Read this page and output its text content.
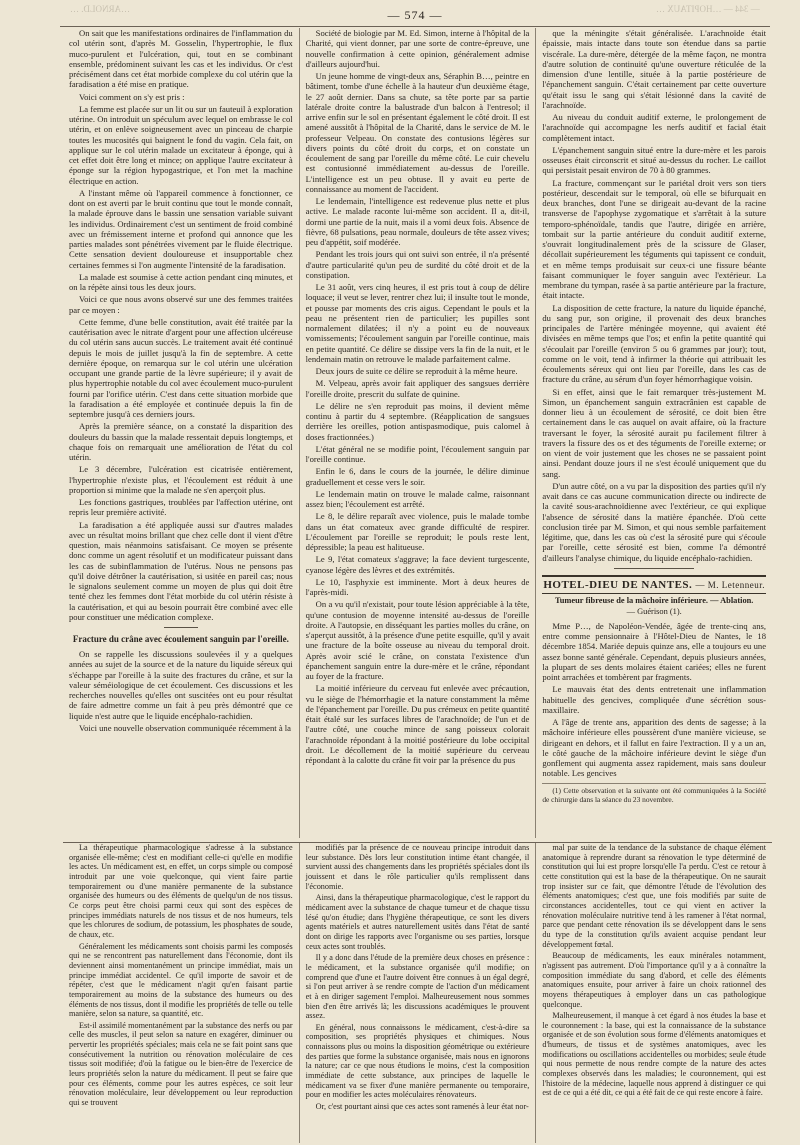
…ARNOLD. …	— 344 — …HOPITAUX …
— 574 —

On sait que les manifestations ordinaires de l'inflammation du col utérin sont, d'après M. Gosselin, l'hypertrophie, le flux muco-purulent et l'ulcération, qui, tout en se combinant ensemble, prédominent suivant les cas et les individus. Or c'est précisément dans cet état morbide complexe du col utérin que la faradisation a été mise en pratique.

Voici comment on s'y est pris :

La femme est placée sur un lit ou sur un fauteuil à exploration utérine. On introduit un spéculum avec lequel on embrasse le col utérin, et on enlève soigneusement avec un pinceau de charpie toutes les mucosités qui baignent le fond du vagin. Cela fait, on applique sur le col utérin malade un excitateur à éponge, qui à cet effet doit être long et mince; on applique l'autre excitateur à éponge sur la région hypogastrique, et l'on met la machine électrique en action.

A l'instant même où l'appareil commence à fonctionner, ce dont on est averti par le bruit continu que tout le monde connaît, la malade éprouve dans le bassin une sensation variable suivant les individus. Ordinairement c'est un sentiment de froid combiné avec un frémissement interne et profond qui annonce que les parties malades sont pénétrées vivement par le fluide électrique. Cette sensation devient douloureuse et insupportable chez certaines femmes si l'on augmente l'intensité de la faradisation.

La malade est soumise à cette action pendant cinq minutes, et on la répète ainsi tous les deux jours.

Voici ce que nous avons observé sur une des femmes traitées par ce moyen :

Cette femme, d'une belle constitution, avait été traitée par la cautérisation avec le nitrate d'argent pour une affection ulcéreuse du col utérin sans aucun succès. Le traitement avait été continué depuis le mois de juillet jusqu'à la fin de septembre. A cette dernière époque, on remarqua sur le col utérin une ulcération occupant une grande partie de la lèvre supérieure; il y avait de plus hypertrophie notable du col avec écoulement muco-purulent fourni par l'orifice utérin. C'est dans cette situation morbide que la faradisation a été employée et continuée depuis la fin de septembre jusqu'à ces derniers jours.

Après la première séance, on a constaté la disparition des douleurs du bassin que la malade ressentait depuis longtemps, et chaque fois on remarquait une amélioration de l'état du col utérin.

Le 3 décembre, l'ulcération est cicatrisée entièrement, l'hypertrophie n'existe plus, et l'écoulement est réduit à une proportion si minime que la malade ne s'en aperçoit plus.

Les fonctions gastriques, troublées par l'affection utérine, ont repris leur première activité.

La faradisation a été appliquée aussi sur d'autres malades avec un résultat moins brillant que chez celle dont il vient d'être question, mais néanmoins satisfaisant. Ce moyen se présente donc comme un agent résolutif et un modificateur puissant dans les cas de subinflammation de l'utérus. Nous ne pensons pas qu'il doive détrôner la cautérisation, si usitée en pareil cas; nous le signalons seulement comme un moyen de plus qui doit être tenté chez les femmes dont l'état morbide du col utérin résiste à la cautérisation, et qui au besoin pourrait être combiné avec elle pour constituer une médication complexe.

Fracture du crâne avec écoulement sanguin par l'oreille.

On se rappelle les discussions soulevées il y a quelques années au sujet de la source et de la nature du liquide séreux qui s'échappe par l'oreille à la suite des fractures du crâne, et sur la valeur séméiologique de cet écoulement. Ces discussions et les recherches nouvelles qu'elles ont suscitées ont eu pour résultat de faire admettre comme un fait à peu près démontré que ce liquide n'est autre que le liquide encéphalo-rachidien.

Voici une nouvelle observation communiquée récemment à la

Société de biologie par M. Ed. Simon, interne à l'hôpital de la Charité, qui vient donner, par une sorte de contre-épreuve, une nouvelle confirmation à cette opinion, généralement admise d'ailleurs aujourd'hui.

Un jeune homme de vingt-deux ans, Séraphin B…, peintre en bâtiment, tombe d'une échelle à la hauteur d'un deuxième étage, le 27 août dernier. Dans sa chute, sa tête porte par sa partie latérale droite contre la balustrade d'un balcon à l'entresol; il arrive enfin sur le sol en présentant également le côté droit. Il est amené aussitôt à l'hôpital de la Charité, dans le service de M. le professeur Velpeau. On constate des contusions légères sur divers points du côté droit du corps, et on constate un écoulement de sang par l'oreille du même côté. Le cuir chevelu est contusionné immédiatement au-dessus de l'oreille. L'intelligence est un peu obtuse. Il y avait eu perte de connaissance au moment de l'accident.

Le lendemain, l'intelligence est redevenue plus nette et plus active. Le malade raconte lui-même son accident. Il a, dit-il, dormi une partie de la nuit, mais il a vomi deux fois. Absence de fièvre, 68 pulsations, peau normale, douleurs de tête assez vives; peu d'appétit, soif modérée.

Pendant les trois jours qui ont suivi son entrée, il n'a présenté d'autre particularité qu'un peu de surdité du côté droit et de la constipation.

Le 31 août, vers cinq heures, il est pris tout à coup de délire loquace; il veut se lever, rentrer chez lui; il insulte tout le monde, et pousse par moments des cris aigus. Cependant le pouls et la peau ne présentent rien de particulier; les pupilles sont normalement dilatées; il n'y a point eu de nouveaux vomissements; l'écoulement sanguin par l'oreille continue, mais en petite quantité. Ce délire se dissipe vers la fin de la nuit, et le lendemain matin on retrouve le malade parfaitement calme.

Deux jours de suite ce délire se reproduit à la même heure.

M. Velpeau, après avoir fait appliquer des sangsues derrière l'oreille droite, prescrit du sulfate de quinine.

Le délire ne s'en reproduit pas moins, il devient même continu à partir du 4 septembre. (Réapplication de sangsues derrière les oreilles, potion antispasmodique, puis calomel à doses fractionnées.)

L'état général ne se modifie point, l'écoulement sanguin par l'oreille continue.

Enfin le 6, dans le cours de la journée, le délire diminue graduellement et cesse vers le soir.

Le lendemain matin on trouve le malade calme, raisonnant assez bien; l'écoulement est arrêté.

Le 8, le délire reparaît avec violence, puis le malade tombe dans un état comateux avec grande difficulté de respirer. L'écoulement par l'oreille se reproduit; le pouls reste lent, dépressible; la peau est halitueuse.

Le 9, l'état comateux s'aggrave; la face devient turgescente, cyanose légère des lèvres et des extrémités.

Le 10, l'asphyxie est imminente. Mort à deux heures de l'après-midi.

On a vu qu'il n'existait, pour toute lésion appréciable à la tête, qu'une contusion de moyenne intensité au-dessus de l'oreille droite. A l'autopsie, en disséquant les parties molles du crâne, on s'aperçut aussitôt, à la présence d'une petite esquille, qu'il y avait une fracture de la boîte osseuse au niveau du temporal droit. Après avoir scié le crâne, on constata l'existence d'un épanchement sanguin entre la dure-mère et le crâne, répondant au foyer de la fracture.

La moitié inférieure du cerveau fut enlevée avec précaution, vu le siège de l'hémorrhagie et la nature constamment la même de l'épanchement par l'oreille. Du pus crémeux en petite quantité était étalé sur les surfaces libres de l'arachnoïde; de l'un et de l'autre côté, une couche mince de sang poisseux colorait l'arachnoïde répondant à la moitié postérieure du lobe occipital droit. Le décollement de la moitié supérieure du cerveau répondant à la calotte du crâne fit voir par la présence du pus

que la méningite s'était généralisée. L'arachnoïde était épaissie, mais intacte dans toute son étendue dans sa partie viscérale. La dure-mère, détergée de la même façon, ne montra d'autre solution de continuité qu'une ouverture réticulée de la dimension d'une lentille, située à la partie postérieure de l'épanchement sanguin. C'était certainement par cette ouverture qu'était issu le sang qui s'était lésionné dans la cavité de l'arachnoïde.

Au niveau du conduit auditif externe, le prolongement de l'arachnoïde qui accompagne les nerfs auditif et facial était complètement intact.

L'épanchement sanguin situé entre la dure-mère et les parois osseuses était circonscrit et situé au-dessus du rocher. Le caillot qui persistait pesait environ de 70 à 80 grammes.

La fracture, commençant sur le pariétal droit vers son tiers postérieur, descendait sur le temporal, où elle se bifurquait en deux branches, dont l'une se dirigeait au-devant de la racine transverse de l'apophyse zygomatique et s'arrêtait à la suture temporo-sphénoïdale, tandis que l'autre, dirigée en arrière, tombait sur la partie antérieure du conduit auditif externe, s'ouvrait longitudinalement près de la scissure de Glaser, décollait supérieurement les téguments qui tapissent ce conduit, et en même temps produisait sur ceux-ci une fissure béante faisant communiquer le foyer sanguin avec l'extérieur. La membrane du tympan, rasée à sa partie antérieure par la fracture, était intacte.

La disposition de cette fracture, la nature du liquide épanché, du sang pur, son origine, il provenait des deux branches principales de l'artère méningée moyenne, qui avaient été divisées en même temps que l'os; et enfin la petite quantité qui s'écoulait par l'oreille (environ 5 ou 6 grammes par jour); tout, comme on le voit, tend à infirmer la théorie qui attribuait les écoulements séreux qui ont lieu par l'oreille, dans les cas de fracture du crâne, au sérum d'un foyer hémorrhagique voisin.

Si en effet, ainsi que le fait remarquer très-justement M. Simon, un épanchement sanguin extracrânien est capable de donner lieu à un écoulement de sérosité, ce doit bien être certainement dans le cas auquel on avait affaire, où la fracture traversant le foyer, la sérosité aurait pu facilement filtrer à travers la fissure des os et des téguments de l'oreille externe; or on vient de voir justement que les choses ne se passaient point ainsi. Pendant douze jours il ne s'est écoulé uniquement que du sang.

D'un autre côté, on a vu par la disposition des parties qu'il n'y avait dans ce cas aucune communication directe ou indirecte de la cavité sous-arachnoïdienne avec l'extérieur, ce qui explique l'absence de sérosité dans la matière épanchée. D'où cette conclusion tirée par M. Simon, et qui nous semble parfaitement légitime, que, dans les cas où c'est la sérosité pure qui s'écoule par l'oreille, cette sérosité est bien, comme l'a démontré d'ailleurs l'analyse chimique, du liquide encéphalo-rachidien.

HOTEL-DIEU DE NANTES. — M. Letenneur.
Tumeur fibreuse de la mâchoire inférieure. — Ablation.
— Guérison (1).

Mme P…, de Napoléon-Vendée, âgée de trente-cinq ans, entre comme pensionnaire à l'Hôtel-Dieu de Nantes, le 18 décembre 1854. Mariée depuis quinze ans, elle a toujours eu une assez bonne santé générale. Cependant, depuis plusieurs années, la plupart de ses dents molaires étaient cariées; elles ne furent point arrachées et tombèrent par fragments.

Le mauvais état des dents entretenait une inflammation habituelle des gencives, compliquée d'une sécrétion sous-maxillaire.

A l'âge de trente ans, apparition des dents de sagesse; à la mâchoire inférieure elles poussèrent d'une manière vicieuse, se dirigeant en dehors, et il fallut en faire l'extraction. Il y a un an, le côté gauche de la mâchoire inférieure devint le siège d'un gonflement qui augmenta assez rapidement, mais sans douleur notable. Les gencives

(1) Cette observation et la suivante ont été communiquées à la Société de chirurgie dans la séance du 23 novembre.

La thérapeutique pharmacologique s'adresse à la substance organisée elle-même; c'est en modifiant celle-ci qu'elle en modifie les actes. Un médicament est, en effet, un corps simple ou composé introduit par une voie quelconque, qui vient faire partie temporairement ou d'une manière permanente de la substance organisée des humeurs ou des éléments de quelqu'un de nos tissus. Ce corps peut être choisi parmi ceux qui sont des espèces de principes immédiats naturels de nos tissus et de nos humeurs, tels que les chlorures de sodium, de potassium, les phosphates de soude, de chaux, etc.

Généralement les médicaments sont choisis parmi les composés qui ne se rencontrent pas naturellement dans l'économie, dont ils deviennent ainsi momentanément un principe immédiat, mais un principe immédiat accidentel. Ce qu'il importe de savoir et de répéter, c'est que le médicament n'agit qu'en faisant partie temporairement au moins de la substance des humeurs ou des éléments de nos tissus, dont il modifie les propriétés de telle ou telle manière, selon sa nature, sa quantité, etc.

Est-il assimilé momentanément par la substance des nerfs ou par celle des muscles, il peut selon sa nature en exagérer, diminuer ou pervertir les propriétés spéciales; mais cela ne se fait point sans que consécutivement la nutrition ou rénovation moléculaire de ces tissus soit modifiée; d'où la fatigue ou le bien-être de l'exercice de leurs propriétés selon la nature du médicament. Il peut se faire que pour ces éléments, comme pour les autres espèces, ce soit leur rénovation moléculaire, leur développement ou leur reproduction qui se trouvent

modifiés par la présence de ce nouveau principe introduit dans leur substance. Dès lors leur constitution intime étant changée, il survient aussi des changements dans les propriétés spéciales dont ils jouissent et dans le rôle particulier qu'ils remplissent dans l'économie.

Ainsi, dans la thérapeutique pharmacologique, c'est le rapport du médicament avec la substance de chaque tumeur et de chaque tissu lésé qu'on étudie; dans l'hygiène thérapeutique, ce sont les divers agents matériels et autres naturellement usités dans l'état de santé dont on dirige les rapports avec l'organisme ou ses parties, lorsque ceux actes sont troublés.

Il y a donc dans l'étude de la première deux choses en présence : le médicament, et la substance organisée qu'il modifie; on comprend que d'une et l'autre doivent être connues à un égal degré, si l'on peut arriver à se rendre compte de l'action d'un médicament et à en diriger sagement l'emploi. Malheureusement nous sommes bien d'en être arrivés là; les discussions académiques le prouvent assez.

En général, nous connaissons le médicament, c'est-à-dire sa composition, ses propriétés physiques et chimiques. Nous connaissons plus ou moins la disposition géométrique ou extérieure des parties que forme la substance organisée, mais nous en ignorons la nature; car ce que nous étudions le moins, c'est la composition immédiate de cette substance, aux principes de laquelle le médicament va se fixer d'une manière permanente ou temporaire, pour en modifier les actes moléculaires rénovateurs.

Or, c'est pourtant ainsi que ces actes sont ramenés à leur état nor-

mal par suite de la tendance de la substance de chaque élément anatomique à reprendre durant sa rénovation le type déterminé de constitution qui lui est propre lorsqu'elle l'a perdu. C'est ce retour à cette constitution qui est la base de la thérapeutique. On ne saurait trop insister sur ce fait, que démontre l'étude de l'évolution des éléments anatomiques; c'est que, une fois modifiés par suite de circonstances accidentelles, tout ce qui vient en activer la rénovation moléculaire nutritive tend à les ramener à l'état normal, parce que pendant cette rénovation ils se développent dans le sens du type de la constitution qu'ils avaient acquise pendant leur développement fœtal.

Beaucoup de médicaments, les eaux minérales notamment, n'agissent pas autrement. D'où l'importance qu'il y a à connaître la composition immédiate du sang d'abord, et celle des éléments anatomiques ensuite, pour arriver à faire un choix rationnel des moyens thérapeutiques à employer dans un cas pathologique quelconque.

Malheureusement, il manque à cet égard à nos études la base et le couronnement : la base, qui est la connaissance de la substance organisée et de son évolution sous forme d'éléments anatomiques et d'humeurs, de tissus et de systèmes anatomiques, avec les modifications ou oscillations accidentelles ou morbides; seule étude qui nous permette de nous rendre compte de la nature des actes complexes observés dans les maladies; le couronnement, qui est l'histoire de la médecine, laquelle nous apprend à distinguer ce qui est de ce qui a été dit, ce qui a été fait de ce qui reste encore à faire.
